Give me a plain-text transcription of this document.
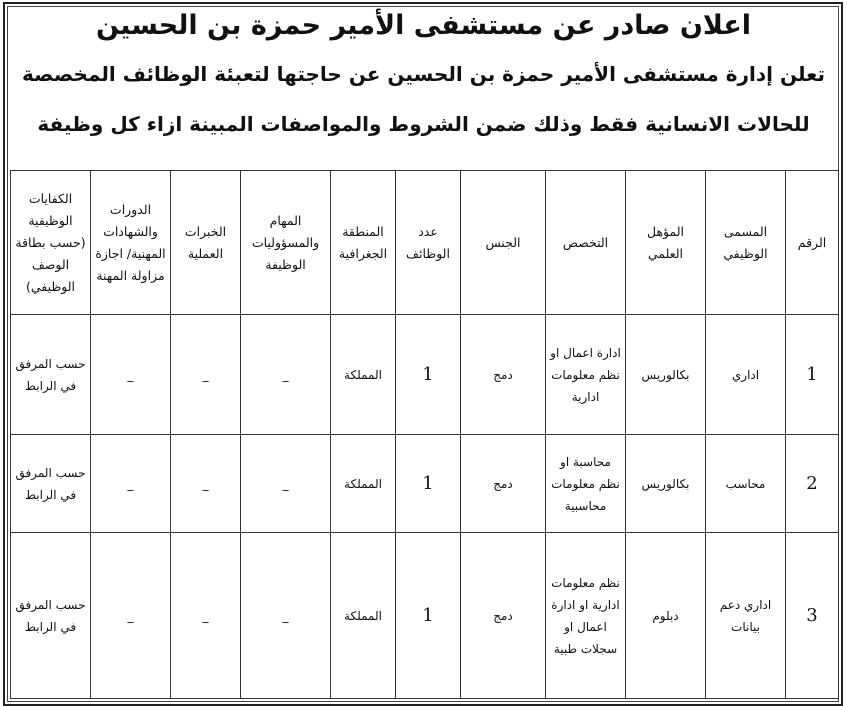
اعلان صادر عن مستشفى الأمير حمزة بن الحسين
تعلن إدارة مستشفى الأمير حمزة بن الحسين عن حاجتها لتعبئة الوظائف المخصصة
للحالات الانسانية فقط وذلك ضمن الشروط والمواصفات المبينة ازاء كل وظيفة
الرقم	المسمى الوظيفي	المؤهل العلمي	التخصص	الجنس	عدد الوظائف	المنطقة الجغرافية	المهام والمسؤوليات الوظيفة	الخبرات العملية	الدورات والشهادات المهنية/ اجازة مزاولة المهنة	الكفايات الوظيفية (حسب بطاقة الوصف الوظيفي)
1	اداري	بكالوريس	ادارة اعمال او نظم معلومات ادارية	دمج	1	المملكة	_	_	_	حسب المرفق في الرابط
2	محاسب	بكالوريس	محاسبة او نظم معلومات محاسبية	دمج	1	المملكة	_	_	_	حسب المرفق في الرابط
3	اداري دعم بيانات	دبلوم	نظم معلومات ادارية او ادارة اعمال او سجلات طبية	دمج	1	المملكة	_	_	_	حسب المرفق في الرابط
